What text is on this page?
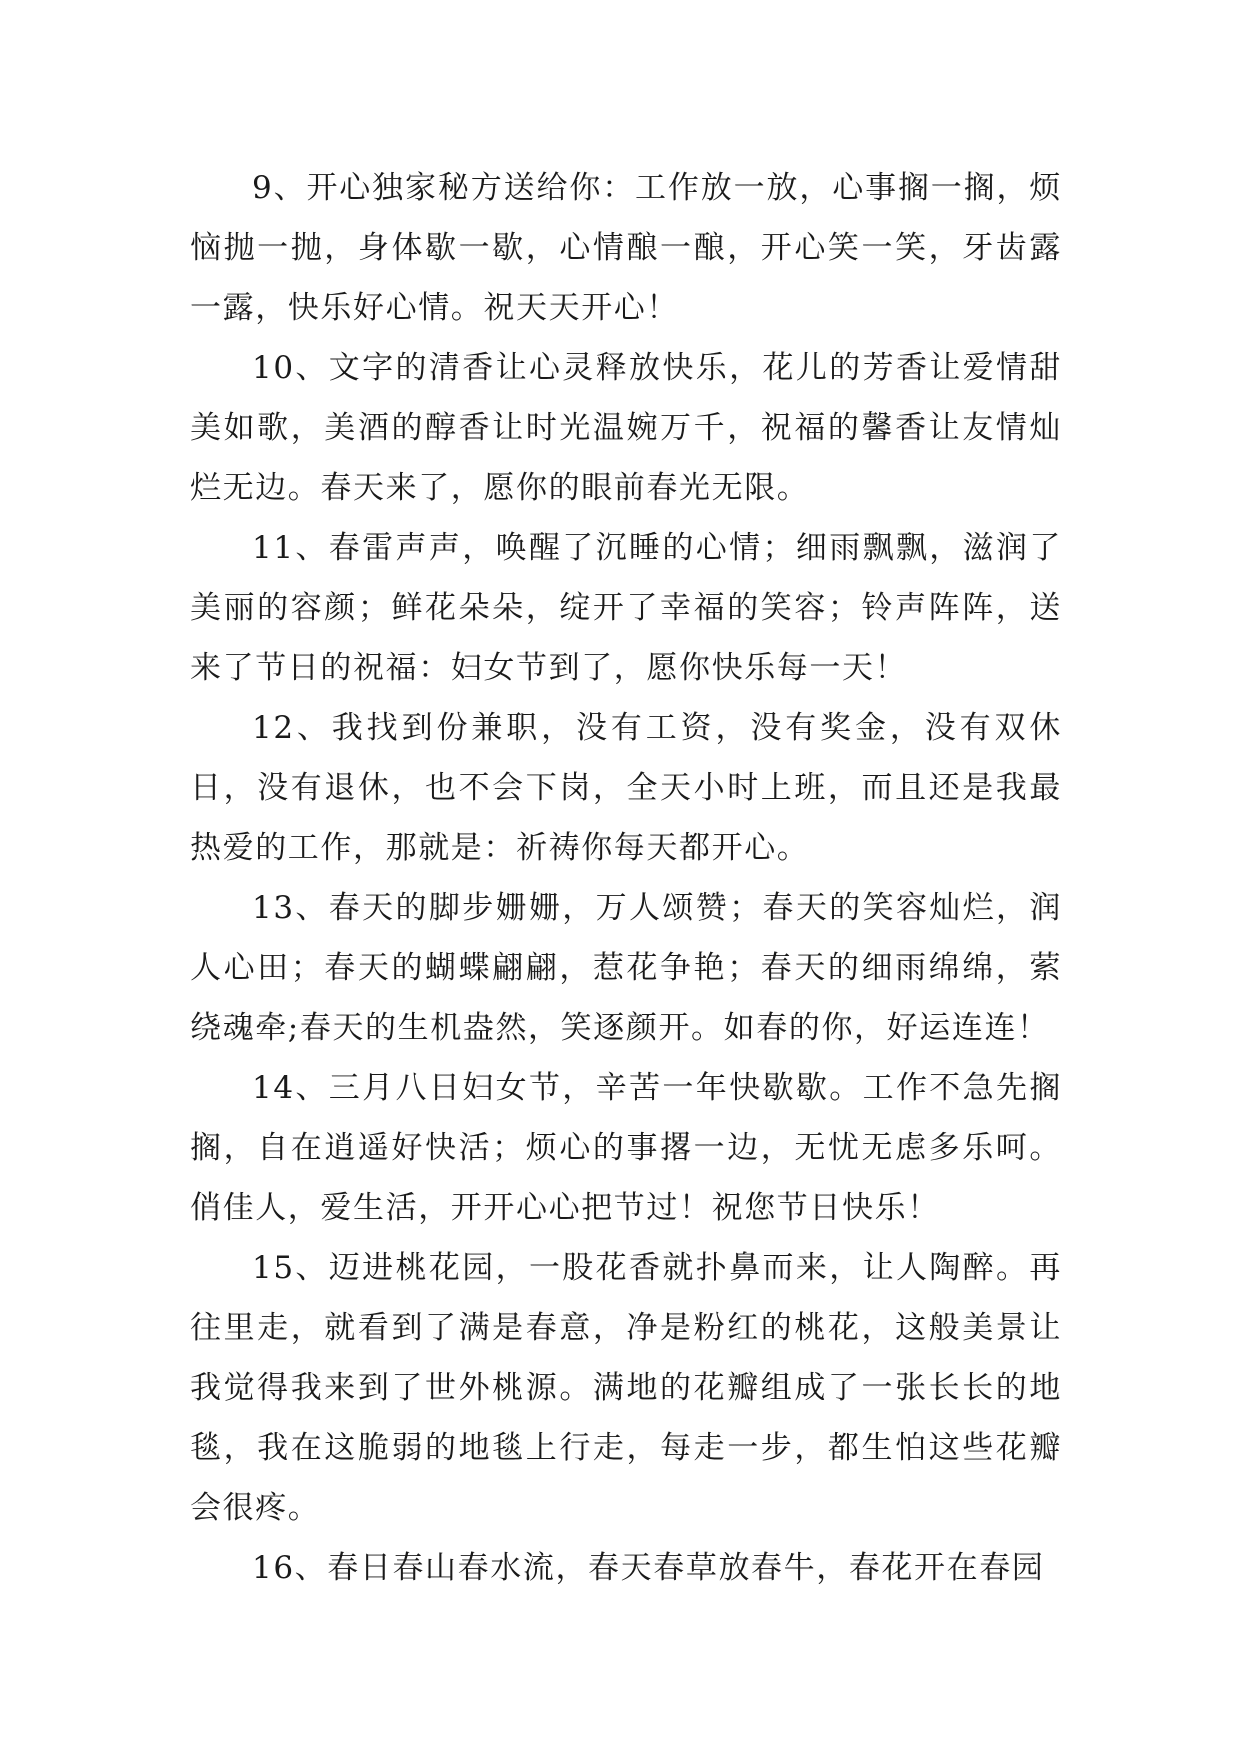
9、开心独家秘方送给你：工作放一放，心事搁一搁，烦恼抛一抛，身体歇一歇，心情酿一酿，开心笑一笑，牙齿露一露，快乐好心情。祝天天开心！

10、文字的清香让心灵释放快乐，花儿的芳香让爱情甜美如歌，美酒的醇香让时光温婉万千，祝福的馨香让友情灿烂无边。春天来了，愿你的眼前春光无限。

11、春雷声声，唤醒了沉睡的心情；细雨飘飘，滋润了美丽的容颜；鲜花朵朵，绽开了幸福的笑容；铃声阵阵，送来了节日的祝福：妇女节到了，愿你快乐每一天！

12、我找到份兼职，没有工资，没有奖金，没有双休日，没有退休，也不会下岗，全天小时上班，而且还是我最热爱的工作，那就是：祈祷你每天都开心。

13、春天的脚步姗姗，万人颂赞；春天的笑容灿烂，润人心田；春天的蝴蝶翩翩，惹花争艳；春天的细雨绵绵，萦绕魂牵;春天的生机盎然，笑逐颜开。如春的你，好运连连！

14、三月八日妇女节，辛苦一年快歇歇。工作不急先搁搁，自在逍遥好快活；烦心的事撂一边，无忧无虑多乐呵。俏佳人，爱生活，开开心心把节过！祝您节日快乐！

15、迈进桃花园，一股花香就扑鼻而来，让人陶醉。再往里走，就看到了满是春意，净是粉红的桃花，这般美景让我觉得我来到了世外桃源。满地的花瓣组成了一张长长的地毯，我在这脆弱的地毯上行走，每走一步，都生怕这些花瓣会很疼。

16、春日春山春水流，春天春草放春牛，春花开在春园
